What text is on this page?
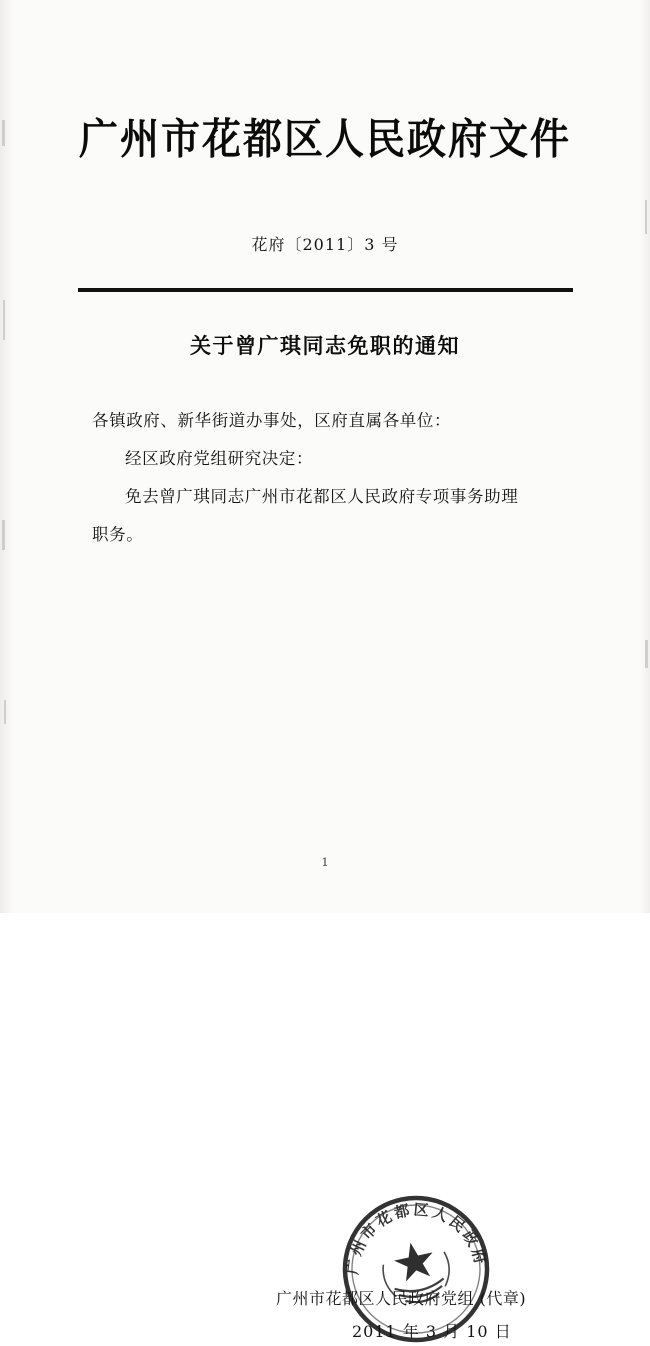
广州市花都区人民政府文件
花府〔2011〕3 号
关于曾广琪同志免职的通知

各镇政府、新华街道办事处，区府直属各单位：

经区政府党组研究决定：

免去曾广琪同志广州市花都区人民政府专项事务助理

职务。

广州市花都区人民政府
广州市花都区人民政府党组 (代章)
2011 年 3 月 10 日
1
